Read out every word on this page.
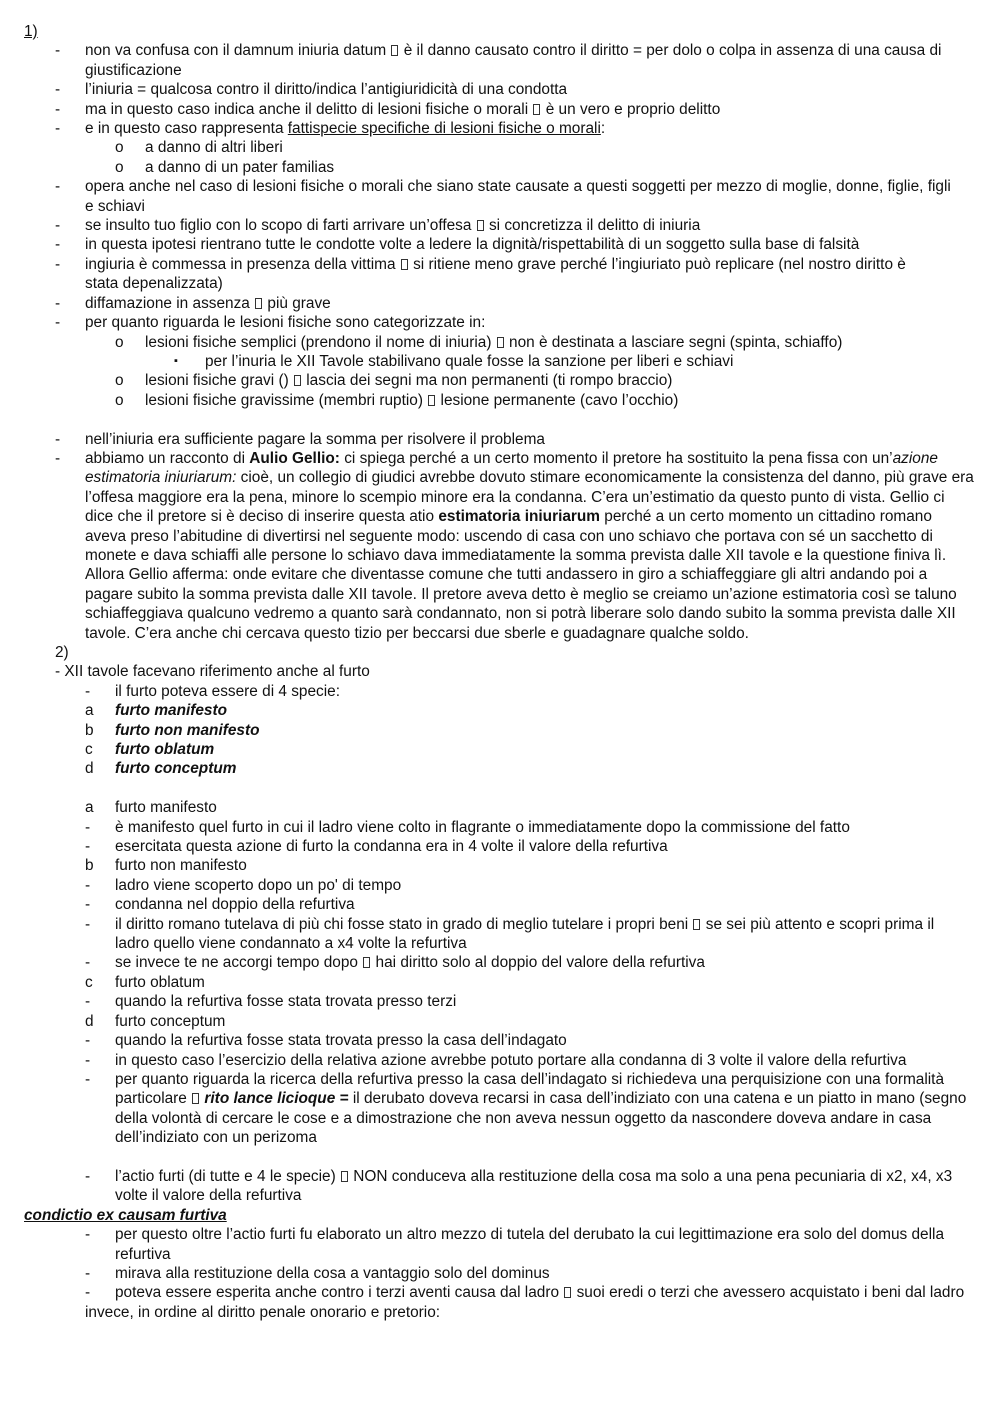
1)
- non va confusa con il damnum iniuria datum è il danno causato contro il diritto = per dolo o colpa in assenza di una causa di giustificazione
- l’iniuria = qualcosa contro il diritto/indica l’antigiuridicità di una condotta
- ma in questo caso indica anche il delitto di lesioni fisiche o morali è un vero e proprio delitto
- e in questo caso rappresenta fattispecie specifiche di lesioni fisiche o morali:
o a danno di altri liberi
o a danno di un pater familias
- opera anche nel caso di lesioni fisiche o morali che siano state causate a questi soggetti per mezzo di moglie, donne, figlie, figli e schiavi
- se insulto tuo figlio con lo scopo di farti arrivare un’offesa si concretizza il delitto di iniuria
- in questa ipotesi rientrano tutte le condotte volte a ledere la dignità/rispettabilità di un soggetto sulla base di falsità
- ingiuria è commessa in presenza della vittima si ritiene meno grave perché l’ingiuriato può replicare (nel nostro diritto è stata depenalizzata)
- diffamazione in assenza più grave
- per quanto riguarda le lesioni fisiche sono categorizzate in:
o lesioni fisiche semplici (prendono il nome di iniuria) non è destinata a lasciare segni (spinta, schiaffo)
▪ per l’inuria le XII Tavole stabilivano quale fosse la sanzione per liberi e schiavi
o lesioni fisiche gravi () lascia dei segni ma non permanenti (ti rompo braccio)
o lesioni fisiche gravissime (membri ruptio) lesione permanente (cavo l’occhio)
- nell’iniuria era sufficiente pagare la somma per risolvere il problema
- abbiamo un racconto di Aulio Gellio: ci spiega perché a un certo momento il pretore ha sostituito la pena fissa con un’azione estimatoria iniuriarum: cioè, un collegio di giudici avrebbe dovuto stimare economicamente la consistenza del danno, più grave era l’offesa maggiore era la pena, minore lo scempio minore era la condanna. C’era un’estimatio da questo punto di vista. Gellio ci dice che il pretore si è deciso di inserire questa atio estimatoria iniuriarum perché a un certo momento un cittadino romano aveva preso l’abitudine di divertirsi nel seguente modo: uscendo di casa con uno schiavo che portava con sé un sacchetto di monete e dava schiaffi alle persone lo schiavo dava immediatamente la somma prevista dalle XII tavole e la questione finiva lì. Allora Gellio afferma: onde evitare che diventasse comune che tutti andassero in giro a schiaffeggiare gli altri andando poi a pagare subito la somma prevista dalle XII tavole. Il pretore aveva detto è meglio se creiamo un’azione estimatoria così se taluno schiaffeggiava qualcuno vedremo a quanto sarà condannato, non si potrà liberare solo dando subito la somma prevista dalle XII tavole. C’era anche chi cercava questo tizio per beccarsi due sberle e guadagnare qualche soldo.
2)
- XII tavole facevano riferimento anche al furto
- il furto poteva essere di 4 specie:
a furto manifesto
b furto non manifesto
c furto oblatum
d furto conceptum
a furto manifesto
- è manifesto quel furto in cui il ladro viene colto in flagrante o immediatamente dopo la commissione del fatto
- esercitata questa azione di furto la condanna era in 4 volte il valore della refurtiva
b furto non manifesto
- ladro viene scoperto dopo un po' di tempo
- condanna nel doppio della refurtiva
- il diritto romano tutelava di più chi fosse stato in grado di meglio tutelare i propri beni se sei più attento e scopri prima il ladro quello viene condannato a x4 volte la refurtiva
- se invece te ne accorgi tempo dopo hai diritto solo al doppio del valore della refurtiva
c furto oblatum
- quando la refurtiva fosse stata trovata presso terzi
d furto conceptum
- quando la refurtiva fosse stata trovata presso la casa dell’indagato
- in questo caso l’esercizio della relativa azione avrebbe potuto portare alla condanna di 3 volte il valore della refurtiva
- per quanto riguarda la ricerca della refurtiva presso la casa dell’indagato si richiedeva una perquisizione con una formalità particolare rito lance licioque = il derubato doveva recarsi in casa dell’indiziato con una catena e un piatto in mano (segno della volontà di cercare le cose e a dimostrazione che non aveva nessun oggetto da nascondere doveva andare in casa dell’indiziato con un perizoma
- l’actio furti (di tutte e 4 le specie) NON conduceva alla restituzione della cosa ma solo a una pena pecuniaria di x2, x4, x3 volte il valore della refurtiva
condictio ex causam furtiva
- per questo oltre l’actio furti fu elaborato un altro mezzo di tutela del derubato la cui legittimazione era solo del domus della refurtiva
- mirava alla restituzione della cosa a vantaggio solo del dominus
- poteva essere esperita anche contro i terzi aventi causa dal ladro suoi eredi o terzi che avessero acquistato i beni dal ladro
invece, in ordine al diritto penale onorario e pretorio:
